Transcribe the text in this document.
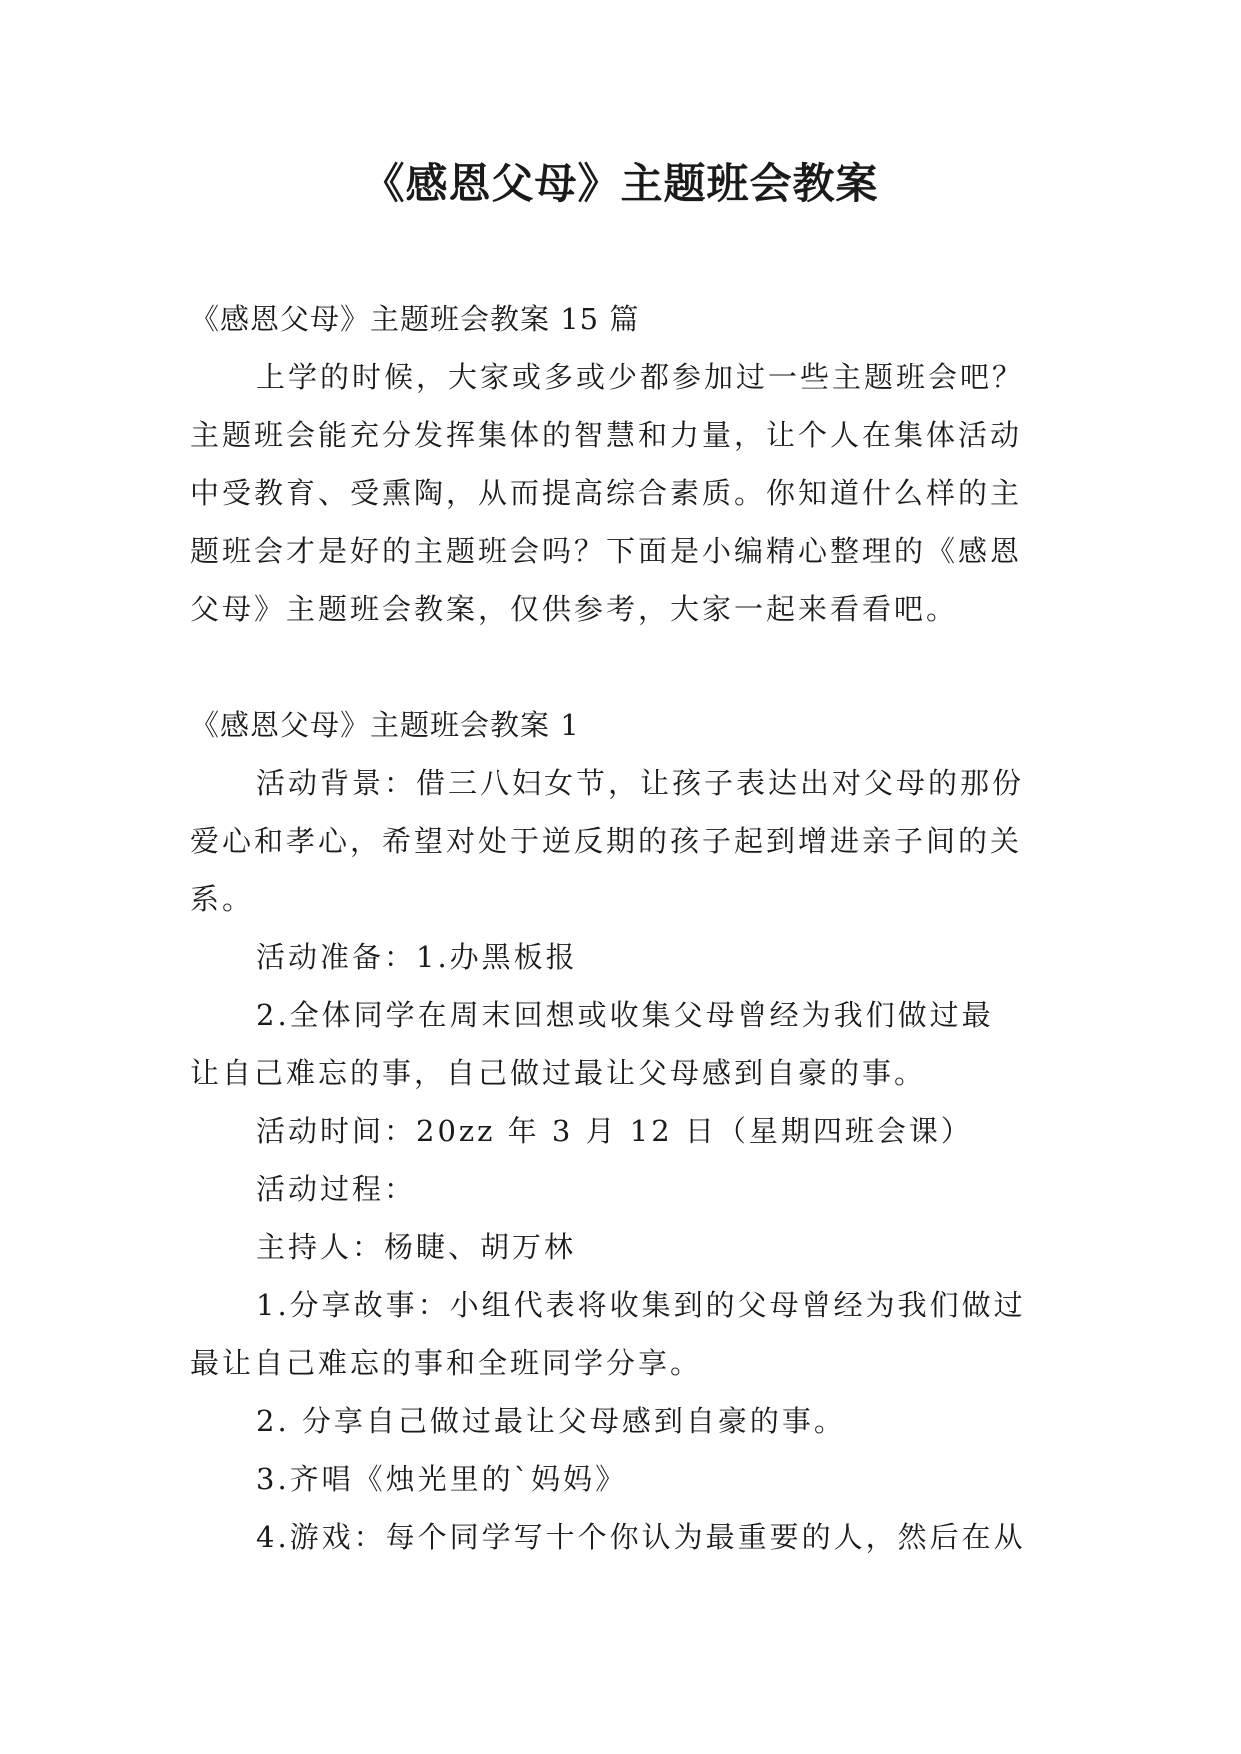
《感恩父母》主题班会教案

《感恩父母》主题班会教案 15 篇

上学的时候，大家或多或少都参加过一些主题班会吧？

主题班会能充分发挥集体的智慧和力量，让个人在集体活动

中受教育、受熏陶，从而提高综合素质。你知道什么样的主

题班会才是好的主题班会吗？下面是小编精心整理的《感恩

父母》主题班会教案，仅供参考，大家一起来看看吧。

《感恩父母》主题班会教案 1

活动背景：借三八妇女节，让孩子表达出对父母的那份

爱心和孝心，希望对处于逆反期的孩子起到增进亲子间的关

系。

活动准备：1.办黑板报

2.全体同学在周末回想或收集父母曾经为我们做过最

让自己难忘的事，自己做过最让父母感到自豪的事。

活动时间：20zz 年 3 月 12 日（星期四班会课）

活动过程：

主持人：杨睫、胡万林

1.分享故事：小组代表将收集到的父母曾经为我们做过

最让自己难忘的事和全班同学分享。

2. 分享自己做过最让父母感到自豪的事。

3.齐唱《烛光里的`妈妈》

4.游戏：每个同学写十个你认为最重要的人，然后在从
